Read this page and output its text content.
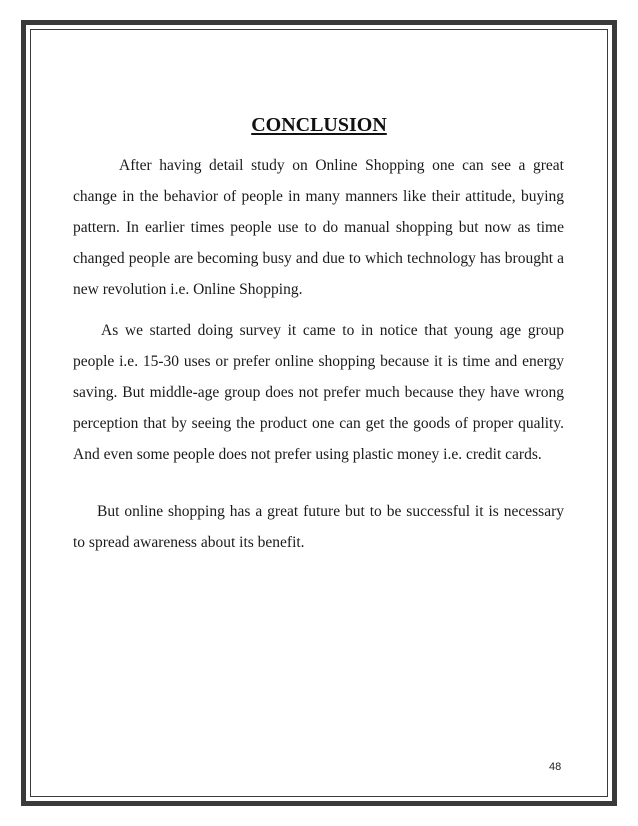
CONCLUSION

After having detail study on Online Shopping one can see a great change in the behavior of people in many manners like their attitude, buying pattern. In earlier times people use to do manual shopping but now as time changed people are becoming busy and due to which technology has brought a new revolution i.e. Online Shopping.

As we started doing survey it came to in notice that young age group people i.e. 15-30 uses or prefer online shopping because it is time and energy saving. But middle-age group does not prefer much because they have wrong perception that by seeing the product one can get the goods of proper quality. And even some people does not prefer using plastic money i.e. credit cards.

But online shopping has a great future but to be successful it is necessary to spread awareness about its benefit.

48
